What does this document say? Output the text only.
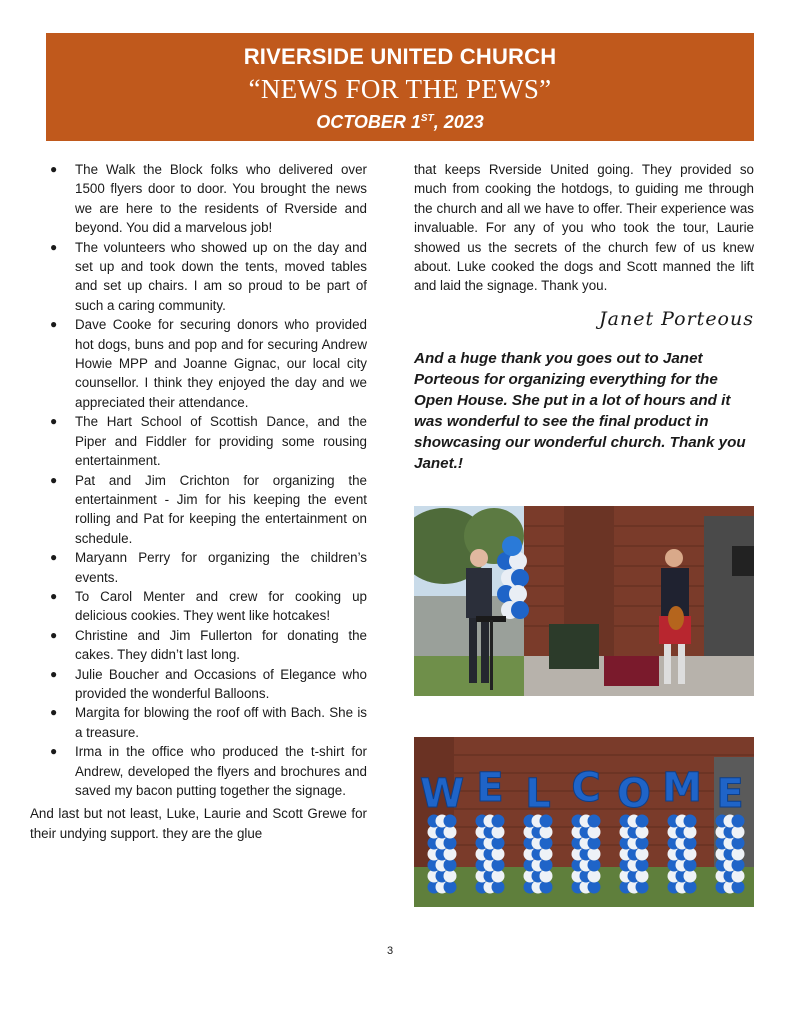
RIVERSIDE UNITED CHURCH
“NEWS FOR THE PEWS”
OCTOBER 1ST, 2023
● The Walk the Block folks who delivered over 1500 flyers door to door. You brought the news we are here to the residents of Rverside and beyond. You did a marvelous job!
● The volunteers who showed up on the day and set up and took down the tents, moved tables and set up chairs. I am so proud to be part of such a caring community.
● Dave Cooke for securing donors who provided hot dogs, buns and pop and for securing Andrew Howie MPP and Joanne Gignac, our local city counsellor. I think they enjoyed the day and we appreciated their attendance.
● The Hart School of Scottish Dance, and the Piper and Fiddler for providing some rousing entertainment.
● Pat and Jim Crichton for organizing the entertainment - Jim for his keeping the event rolling and Pat for keeping the entertainment on schedule.
● Maryann Perry for organizing the children’s events.
● To Carol Menter and crew for cooking up delicious cookies. They went like hotcakes!
● Christine and Jim Fullerton for donating the cakes. They didn’t last long.
● Julie Boucher and Occasions of Elegance who provided the wonderful Balloons.
● Margita for blowing the roof off with Bach. She is a treasure.
● Irma in the office who produced the t-shirt for Andrew, developed the flyers and brochures and saved my bacon putting together the signage.

And last but not least, Luke, Laurie and Scott Grewe for their undying support. they are the glue

that keeps Rverside United going. They provided so much from cooking the hotdogs, to guiding me through the church and all we have to offer. Their experience was invaluable. For any of you who took the tour, Laurie showed us the secrets of the church few of us knew about. Luke cooked the dogs and Scott manned the lift and laid the signage. Thank you.

Janet Porteous
And a huge thank you goes out to Janet Porteous for organizing everything for the Open House. She put in a lot of hours and it was wonderful to see the final product in showcasing our wonderful church. Thank you Janet.!
W E L C O M E
3
